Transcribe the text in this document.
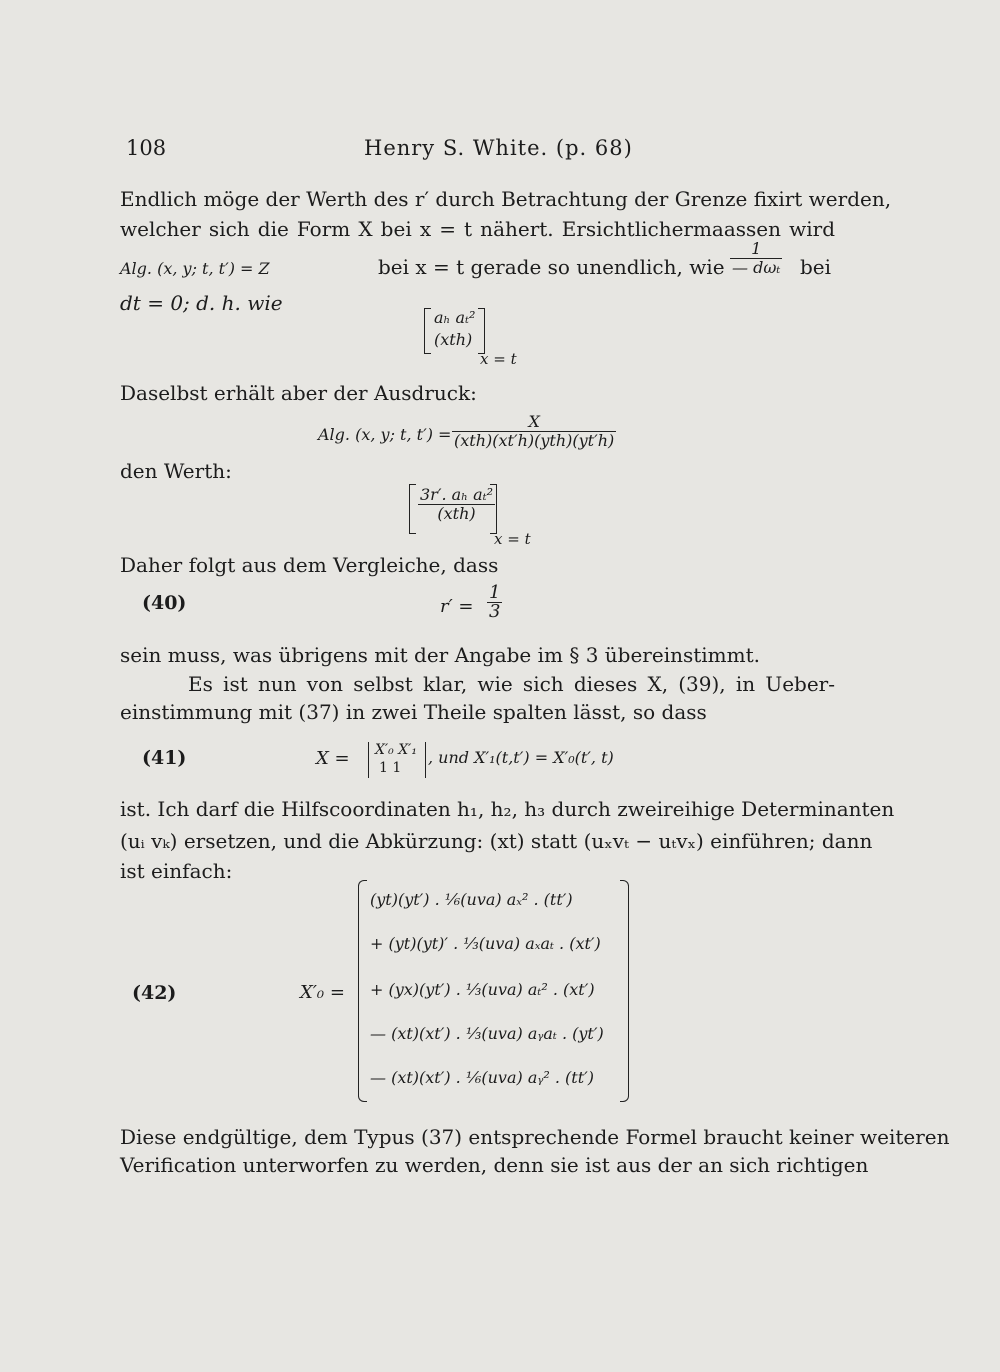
108	Henry S. White. (p. 68)
Endlich möge der Werth des r′ durch Betrachtung der Grenze fixirt werden,
welcher sich die Form X bei x = t nähert. Ersichtlichermaassen wird
Alg. (x, y; t, t′) = Z	bei x = t gerade so unendlich, wie
1
— dωₜ bei
dt = 0; d. h. wie
aₕ aₜ²
(xth)
x = t
Daselbst erhält aber der Ausdruck:
Alg. (x, y; t, t′) =
X
(xth)(xt′h)(yth)(yt′h)
den Werth:
3r′. aₕ aₜ²
(xth)
x = t
Daher folgt aus dem Vergleiche, dass
(40)	$r' = \frac{1}{3}$
sein muss, was übrigens mit der Angabe im § 3 übereinstimmt.
Es ist nun von selbst klar, wie sich dieses X, (39), in Ueber-
einstimmung mit (37) in zwei Theile spalten lässt, so dass
(41)	X = X′₀ X′₁
1 1
, und X′₁(t,t′) = X′₀(t′, t)
ist. Ich darf die Hilfscoordinaten h₁, h₂, h₃ durch zweireihige Determinanten
(uᵢ vₖ) ersetzen, und die Abkürzung: (xt) statt (uₓvₜ − uₜvₓ) einführen; dann
ist einfach:
(42)	X′₀ =
(yt)(yt′) . ⅙(uva) aₓ² . (tt′)
+ (yt)(yt)′ . ⅓(uva) aₓaₜ . (xt′)
+ (yx)(yt′) . ⅓(uva) aₜ² . (xt′)
— (xt)(xt′) . ⅓(uva) aᵧaₜ . (yt′)
— (xt)(xt′) . ⅙(uva) aᵧ² . (tt′)
Diese endgültige, dem Typus (37) entsprechende Formel braucht keiner weiteren
Verification unterworfen zu werden, denn sie ist aus der an sich richtigen
